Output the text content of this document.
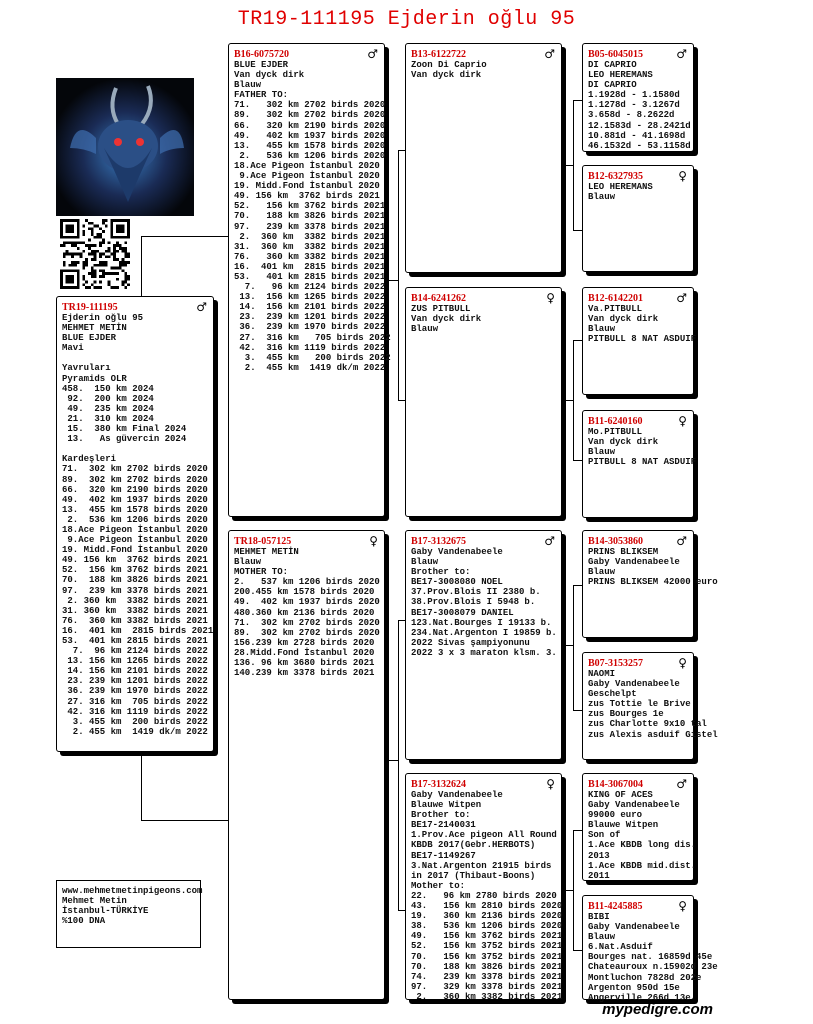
TR19-111195 Ejderin oğlu 95
TR19-111195	♂
Ejderin oğlu 95
MEHMET METİN
BLUE EJDER
Mavi

Yavruları
Pyramids OLR
458.  150 km 2024
92.  200 km 2024
49.  235 km 2024
21.  310 km 2024
15.  380 km Final 2024
13.   As güvercin 2024

Kardeşleri
71.  302 km 2702 birds 2020
89.  302 km 2702 birds 2020
66.  320 km 2190 birds 2020
49.  402 km 1937 birds 2020
13.  455 km 1578 birds 2020
2.  536 km 1206 birds 2020
18.Ace Pigeon İstanbul 2020
9.Ace Pigeon İstanbul 2020
19. Midd.Fond İstanbul 2020
49. 156 km  3762 birds 2021
52.  156 km 3762 birds 2021
70.  188 km 3826 birds 2021
97.  239 km 3378 birds 2021
2. 360 km  3382 birds 2021
31. 360 km  3382 birds 2021
76.  360 km 3382 birds 2021
16.  401 km  2815 birds 2021
53.  401 km 2815 birds 2021
7.  96 km 2124 birds 2022
13. 156 km 1265 birds 2022
14. 156 km 2101 birds 2022
23. 239 km 1201 birds 2022
36. 239 km 1970 birds 2022
27. 316 km  705 birds 2022
42. 316 km 1119 birds 2022
3. 455 km  200 birds 2022
2. 455 km  1419 dk/m 2022
www.mehmetmetinpigeons.com
Mehmet Metin
İstanbul-TÜRKİYE
%100 DNA
B16-6075720	♂
BLUE EJDER
Van dyck dirk
Blauw
FATHER TO:
71.   302 km 2702 birds 2020
89.   302 km 2702 birds 2020
66.   320 km 2190 birds 2020
49.   402 km 1937 birds 2020
13.   455 km 1578 birds 2020
2.   536 km 1206 birds 2020
18.Ace Pigeon İstanbul 2020
9.Ace Pigeon İstanbul 2020
19. Midd.Fond İstanbul 2020
49. 156 km  3762 birds 2021
52.   156 km 3762 birds 2021
70.   188 km 3826 birds 2021
97.   239 km 3378 birds 2021
2.  360 km  3382 birds 2021
31.  360 km  3382 birds 2021
76.   360 km 3382 birds 2021
16.  401 km  2815 birds 2021
53.   401 km 2815 birds 2021
7.   96 km 2124 birds 2022
13.  156 km 1265 birds 2022
14.  156 km 2101 birds 2022
23.  239 km 1201 birds 2022
36.  239 km 1970 birds 2022
27.  316 km   705 birds 2022
42.  316 km 1119 birds 2022
3.  455 km   200 birds 2022
2.  455 km  1419 dk/m 2022
TR18-057125	♀
MEHMET METİN
Blauw
MOTHER TO:
2.   537 km 1206 birds 2020
200.455 km 1578 birds 2020
49.  402 km 1937 birds 2020
480.360 km 2136 birds 2020
71.  302 km 2702 birds 2020
89.  302 km 2702 birds 2020
156.239 km 2728 birds 2020
28.Midd.Fond İstanbul 2020
136. 96 km 3680 birds 2021
140.239 km 3378 birds 2021
B13-6122722	♂
Zoon Di Caprio
Van dyck dirk
B14-6241262	♀
ZUS PITBULL
Van dyck dirk
Blauw
B17-3132675	♂
Gaby Vandenabeele
Blauw
Brother to:
BE17-3008080 NOEL
37.Prov.Blois II 2380 b.
38.Prov.Blois I 5948 b.
BE17-3008079 DANIEL
123.Nat.Bourges I 19133 b.
234.Nat.Argenton I 19859 b.
2022 Sivas şampiyonunu
2022 3 x 3 maraton klsm. 3.
B17-3132624	♀
Gaby Vandenabeele
Blauwe Witpen
Brother to:
BE17-2140031
1.Prov.Ace pigeon All Round
KBDB 2017(Gebr.HERBOTS)
BE17-1149267
3.Nat.Argenton 21915 birds
in 2017 (Thibaut-Boons)
Mother to:
22.   96 km 2780 birds 2020
43.   156 km 2810 birds 2020
19.   360 km 2136 birds 2020
38.   536 km 1206 birds 2020
49.   156 km 3762 birds 2021
52.   156 km 3752 birds 2021
70.   156 km 3752 birds 2021
70.   188 km 3826 birds 2021
74.   239 km 3378 birds 2021
97.   329 km 3378 birds 2021
2.   360 km 3382 birds 2021
B05-6045015	♂
DI CAPRIO
LEO HEREMANS
DI CAPRIO
1.1928d - 1.1580d
1.1278d - 3.1267d
3.658d - 8.2622d
12.1583d - 28.2421d
10.881d - 41.1698d
46.1532d - 53.1158d
B12-6327935	♀
LEO HEREMANS
Blauw
B12-6142201	♂
Va.PITBULL
Van dyck dirk
Blauw
PITBULL 8 NAT ASDUIF
B11-6240160	♀
Mo.PITBULL
Van dyck dirk
Blauw
PITBULL 8 NAT ASDUIF
B14-3053860	♂
PRINS BLIKSEM
Gaby Vandenabeele
Blauw
PRINS BLIKSEM 42000 euro
B07-3153257	♀
NAOMI
Gaby Vandenabeele
Geschelpt
zus Tottie le Brive
zus Bourges 1e
zus Charlotte 9x10 tal
zus Alexis asduif Gistel
B14-3067004	♂
KING OF ACES
Gaby Vandenabeele
99000 euro
Blauwe Witpen
Son of
1.Ace KBDB long dis.
2013
1.Ace KBDB mid.dist.
2011
B11-4245885	♀
BIBI
Gaby Vandenabeele
Blauw
6.Nat.Asduif
Bourges nat. 16859d 45e
Chateauroux n.15902d 23e
Montluchon 7828d 202e
Argenton 950d 15e
Angerville 266d 13e
mypedigre.com
